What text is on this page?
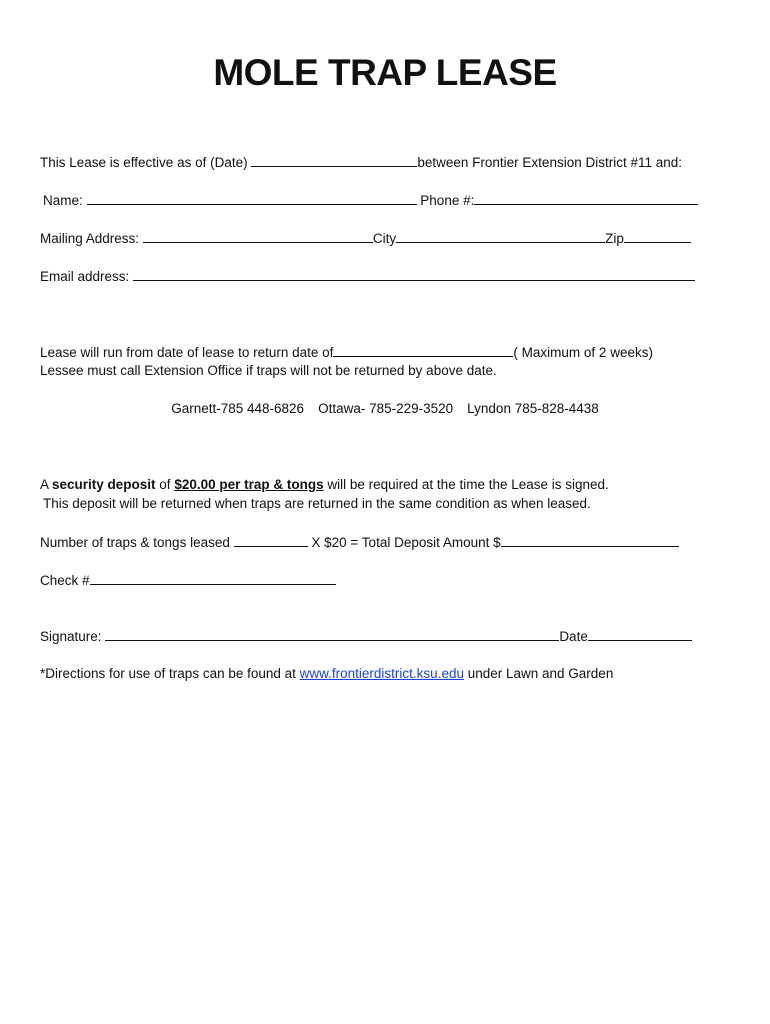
MOLE TRAP LEASE
This Lease is effective as of (Date)	between Frontier Extension District #11 and:
Name:	Phone #:
Mailing Address:	City	Zip
Email address:
Lease will run from date of lease to return date of	( Maximum of 2 weeks)
Lessee must call Extension Office if traps will not be returned by above date.
Garnett-785 448-6826 Ottawa- 785-229-3520 Lyndon 785-828-4438
A security deposit of $20.00 per trap & tongs will be required at the time the Lease is signed.
This deposit will be returned when traps are returned in the same condition as when leased.
Number of traps & tongs leased	X $20 = Total Deposit Amount $
Check #
Signature:	Date
*Directions for use of traps can be found at www.frontierdistrict.ksu.edu under Lawn and Garden
